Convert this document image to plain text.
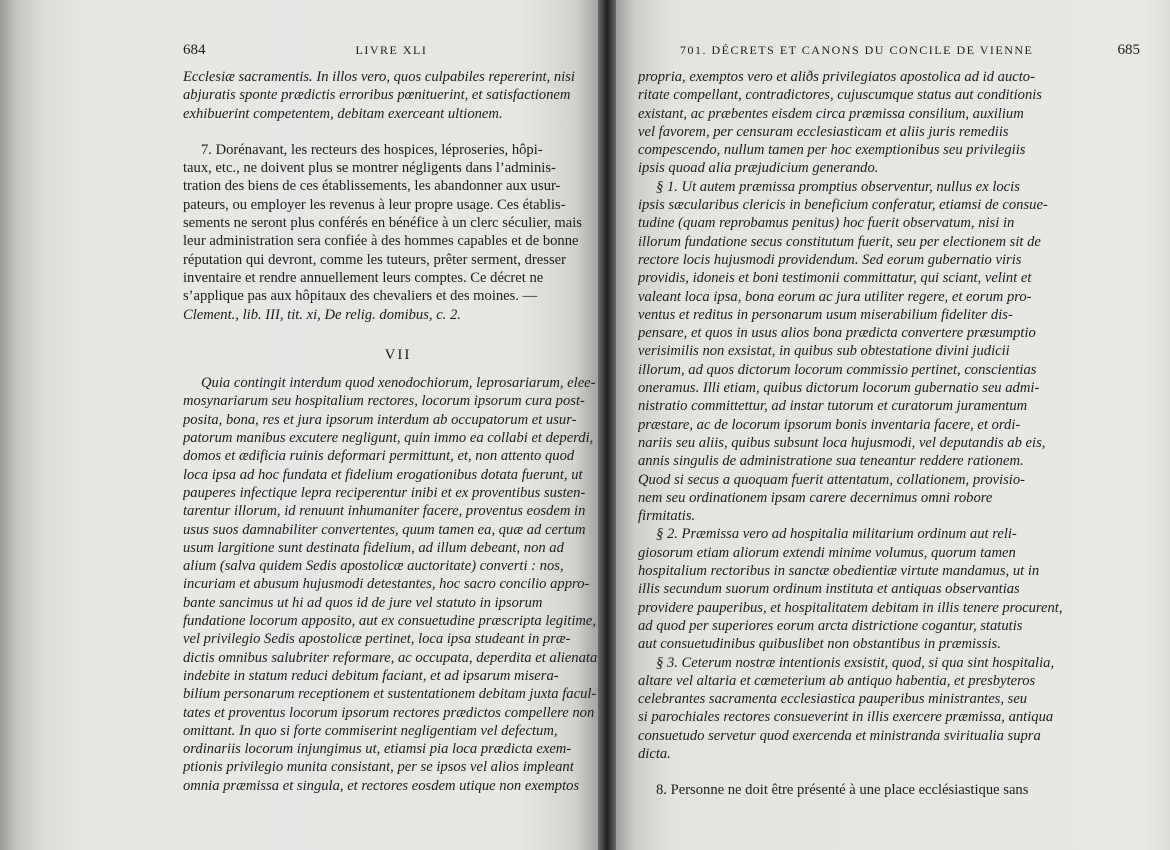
684	LIVRE XLI
Ecclesiæ sacramentis. In illos vero, quos culpabiles repererint, nisi
abjuratis sponte prædictis erroribus pœnituerint, et satisfactionem
exhibuerint competentem, debitam exerceant ultionem.
7. Dorénavant, les recteurs des hospices, léproseries, hôpi-
taux, etc., ne doivent plus se montrer négligents dans l’adminis-
tration des biens de ces établissements, les abandonner aux usur-
pateurs, ou employer les revenus à leur propre usage. Ces établis-
sements ne seront plus conférés en bénéfice à un clerc séculier, mais
leur administration sera confiée à des hommes capables et de bonne
réputation qui devront, comme les tuteurs, prêter serment, dresser
inventaire et rendre annuellement leurs comptes. Ce décret ne
s’applique pas aux hôpitaux des chevaliers et des moines. —
Clement., lib. III, tit. xi, De relig. domibus, c. 2.
VII
Quia contingit interdum quod xenodochiorum, leprosariarum, elee-
mosynariarum seu hospitalium rectores, locorum ipsorum cura post-
posita, bona, res et jura ipsorum interdum ab occupatorum et usur-
patorum manibus excutere negligunt, quin immo ea collabi et deperdi,
domos et ædificia ruinis deformari permittunt, et, non attento quod
loca ipsa ad hoc fundata et fidelium erogationibus dotata fuerunt, ut
pauperes infectique lepra reciperentur inibi et ex proventibus susten-
tarentur illorum, id renuunt inhumaniter facere, proventus eosdem in
usus suos damnabiliter convertentes, quum tamen ea, quæ ad certum
usum largitione sunt destinata fidelium, ad illum debeant, non ad
alium (salva quidem Sedis apostolicæ auctoritate) converti : nos,
incuriam et abusum hujusmodi detestantes, hoc sacro concilio appro-
bante sancimus ut hi ad quos id de jure vel statuto in ipsorum
fundatione locorum apposito, aut ex consuetudine præscripta legitime,
vel privilegio Sedis apostolicæ pertinet, loca ipsa studeant in præ-
dictis omnibus salubriter reformare, ac occupata, deperdita et alienata
indebite in statum reduci debitum faciant, et ad ipsarum misera-
bilium personarum receptionem et sustentationem debitam juxta facul-
tates et proventus locorum ipsorum rectores prædictos compellere non
omittant. In quo si forte commiserint negligentiam vel defectum,
ordinariis locorum injungimus ut, etiamsi pia loca prædicta exem-
ptionis privilegio munita consistant, per se ipsos vel alios impleant
omnia præmissa et singula, et rectores eosdem utique non exemptos
701. DÉCRETS ET CANONS DU CONCILE DE VIENNE	685
propria, exemptos vero et aliðs privilegiatos apostolica ad id aucto-
ritate compellant, contradictores, cujuscumque status aut conditionis
existant, ac præbentes eisdem circa præmissa consilium, auxilium
vel favorem, per censuram ecclesiasticam et aliis juris remediis
compescendo, nullum tamen per hoc exemptionibus seu privilegiis
ipsis quoad alia præjudicium generando.
§ 1. Ut autem præmissa promptius observentur, nullus ex locis
ipsis sæcularibus clericis in beneficium conferatur, etiamsi de consue-
tudine (quam reprobamus penitus) hoc fuerit observatum, nisi in
illorum fundatione secus constitutum fuerit, seu per electionem sit de
rectore locis hujusmodi providendum. Sed eorum gubernatio viris
providis, idoneis et boni testimonii committatur, qui sciant, velint et
valeant loca ipsa, bona eorum ac jura utiliter regere, et eorum pro-
ventus et reditus in personarum usum miserabilium fideliter dis-
pensare, et quos in usus alios bona prædicta convertere præsumptio
verisimilis non exsistat, in quibus sub obtestatione divini judicii
illorum, ad quos dictorum locorum commissio pertinet, conscientias
oneramus. Illi etiam, quibus dictorum locorum gubernatio seu admi-
nistratio committettur, ad instar tutorum et curatorum juramentum
præstare, ac de locorum ipsorum bonis inventaria facere, et ordi-
nariis seu aliis, quibus subsunt loca hujusmodi, vel deputandis ab eis,
annis singulis de administratione sua teneantur reddere rationem.
Quod si secus a quoquam fuerit attentatum, collationem, provisio-
nem seu ordinationem ipsam carere decernimus omni robore
firmitatis.
§ 2. Præmissa vero ad hospitalia militarium ordinum aut reli-
giosorum etiam aliorum extendi minime volumus, quorum tamen
hospitalium rectoribus in sanctæ obedientiæ virtute mandamus, ut in
illis secundum suorum ordinum instituta et antiquas observantias
providere pauperibus, et hospitalitatem debitam in illis tenere procurent,
ad quod per superiores eorum arcta districtione cogantur, statutis
aut consuetudinibus quibuslibet non obstantibus in præmissis.
§ 3. Ceterum nostræ intentionis exsistit, quod, si qua sint hospitalia,
altare vel altaria et cœmeterium ab antiquo habentia, et presbyteros
celebrantes sacramenta ecclesiastica pauperibus ministrantes, seu
si parochiales rectores consueverint in illis exercere præmissa, antiqua
consuetudo servetur quod exercenda et ministranda sviritualia supra
dicta.
8. Personne ne doit être présenté à une place ecclésiastique sans
